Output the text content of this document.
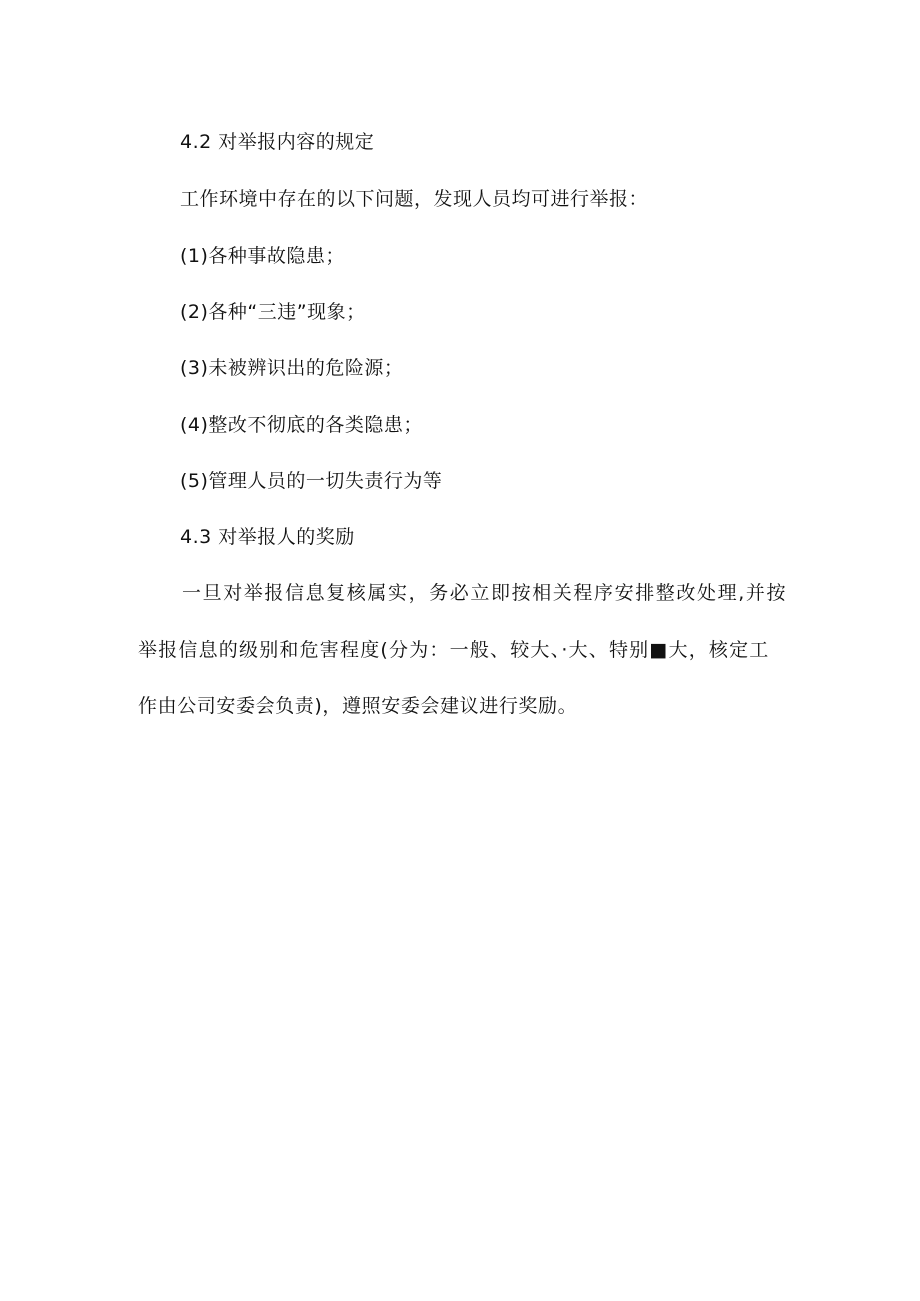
4.2 对举报内容的规定
工作环境中存在的以下问题，发现人员均可进行举报：
(1)各种事故隐患；
(2)各种“三违”现象；
(3)未被辨识出的危险源；
(4)整改不彻底的各类隐患；
(5)管理人员的一切失责行为等
4.3 对举报人的奖励
一旦对举报信息复核属实，务必立即按相关程序安排整改处理,并按
举报信息的级别和危害程度(分为：一般、较大、·大、特别■大，核定工
作由公司安委会负责)，遵照安委会建议进行奖励。
